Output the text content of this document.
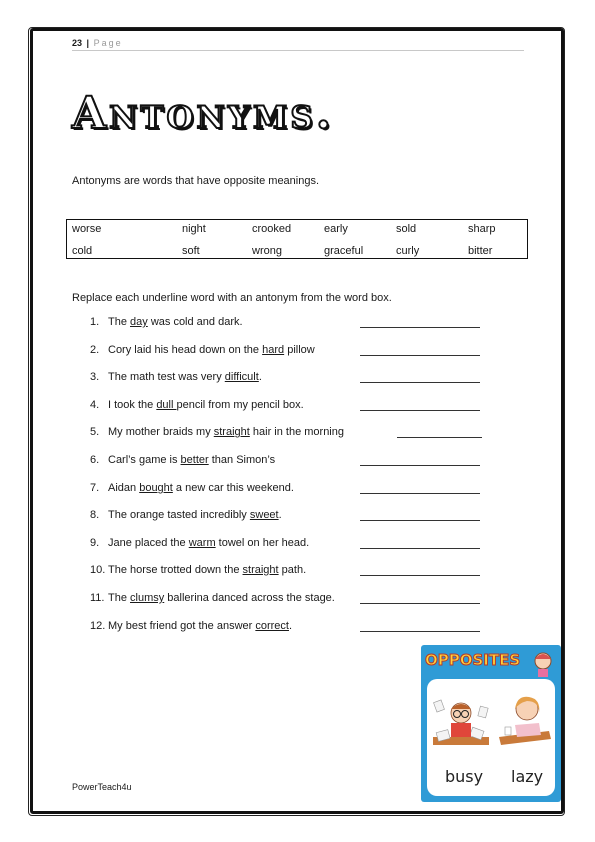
23 | Page
Antonyms.
Antonyms are words that have opposite meanings.
worse	night	crooked	early	sold	sharp
cold	soft	wrong	graceful	curly	bitter
Replace each underline word with an antonym from the word box.
1. The day was cold and dark.
2. Cory laid his head down on the hard pillow
3. The math test was very difficult.
4. I took the dull pencil from my pencil box.
5. My mother braids my straight hair in the morning
6. Carl’s game is better than Simon’s
7. Aidan bought a new car this weekend.
8. The orange tasted incredibly sweet.
9. Jane placed the warm towel on her head.
10. The horse trotted down the straight path.
11. The clumsy ballerina danced across the stage.
12. My best friend got the answer correct.
PowerTeach4u
OPPOSITES
busy lazy
